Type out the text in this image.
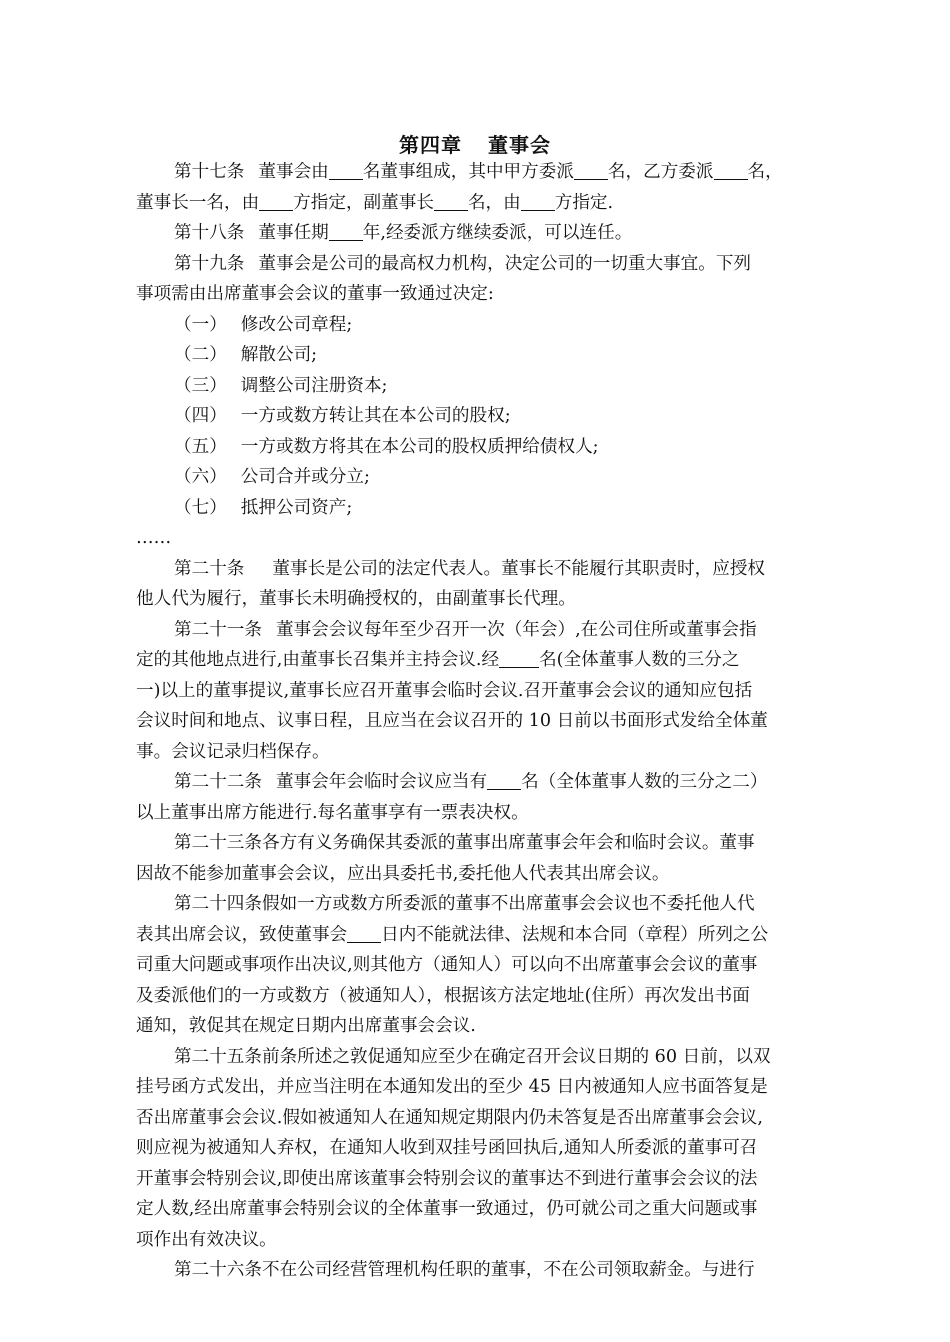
第四章 董事会
第十七条 董事会由 名董事组成，其中甲方委派 名，乙方委派 名，
董事长一名，由 方指定，副董事长 名，由 方指定.
第十八条 董事任期 年,经委派方继续委派，可以连任。
第十九条 董事会是公司的最高权力机构，决定公司的一切重大事宜。下列
事项需由出席董事会会议的董事一致通过决定:
（一） 修改公司章程;
（二） 解散公司;
（三） 调整公司注册资本;
（四） 一方或数方转让其在本公司的股权;
（五） 一方或数方将其在本公司的股权质押给债权人;
（六） 公司合并或分立;
（七） 抵押公司资产;
……
第二十条 董事长是公司的法定代表人。董事长不能履行其职责时，应授权
他人代为履行，董事长未明确授权的，由副董事长代理。
第二十一条 董事会会议每年至少召开一次（年会）,在公司住所或董事会指
定的其他地点进行,由董事长召集并主持会议.经 名(全体董事人数的三分之
一)以上的董事提议,董事长应召开董事会临时会议.召开董事会会议的通知应包括
会议时间和地点、议事日程，且应当在会议召开的 10 日前以书面形式发给全体董
事。会议记录归档保存。
第二十二条 董事会年会临时会议应当有 名（全体董事人数的三分之二）
以上董事出席方能进行.每名董事享有一票表决权。
第二十三条各方有义务确保其委派的董事出席董事会年会和临时会议。董事
因故不能参加董事会会议，应出具委托书,委托他人代表其出席会议。
第二十四条假如一方或数方所委派的董事不出席董事会会议也不委托他人代
表其出席会议，致使董事会 日内不能就法律、法规和本合同（章程）所列之公
司重大问题或事项作出决议,则其他方（通知人）可以向不出席董事会会议的董事
及委派他们的一方或数方（被通知人），根据该方法定地址(住所）再次发出书面
通知，敦促其在规定日期内出席董事会会议.
第二十五条前条所述之敦促通知应至少在确定召开会议日期的 60 日前，以双
挂号函方式发出，并应当注明在本通知发出的至少 45 日内被通知人应书面答复是
否出席董事会会议.假如被通知人在通知规定期限内仍未答复是否出席董事会会议,
则应视为被通知人弃权，在通知人收到双挂号函回执后,通知人所委派的董事可召
开董事会特别会议,即使出席该董事会特别会议的董事达不到进行董事会会议的法
定人数,经出席董事会特别会议的全体董事一致通过，仍可就公司之重大问题或事
项作出有效决议。
第二十六条不在公司经营管理机构任职的董事，不在公司领取薪金。与进行
